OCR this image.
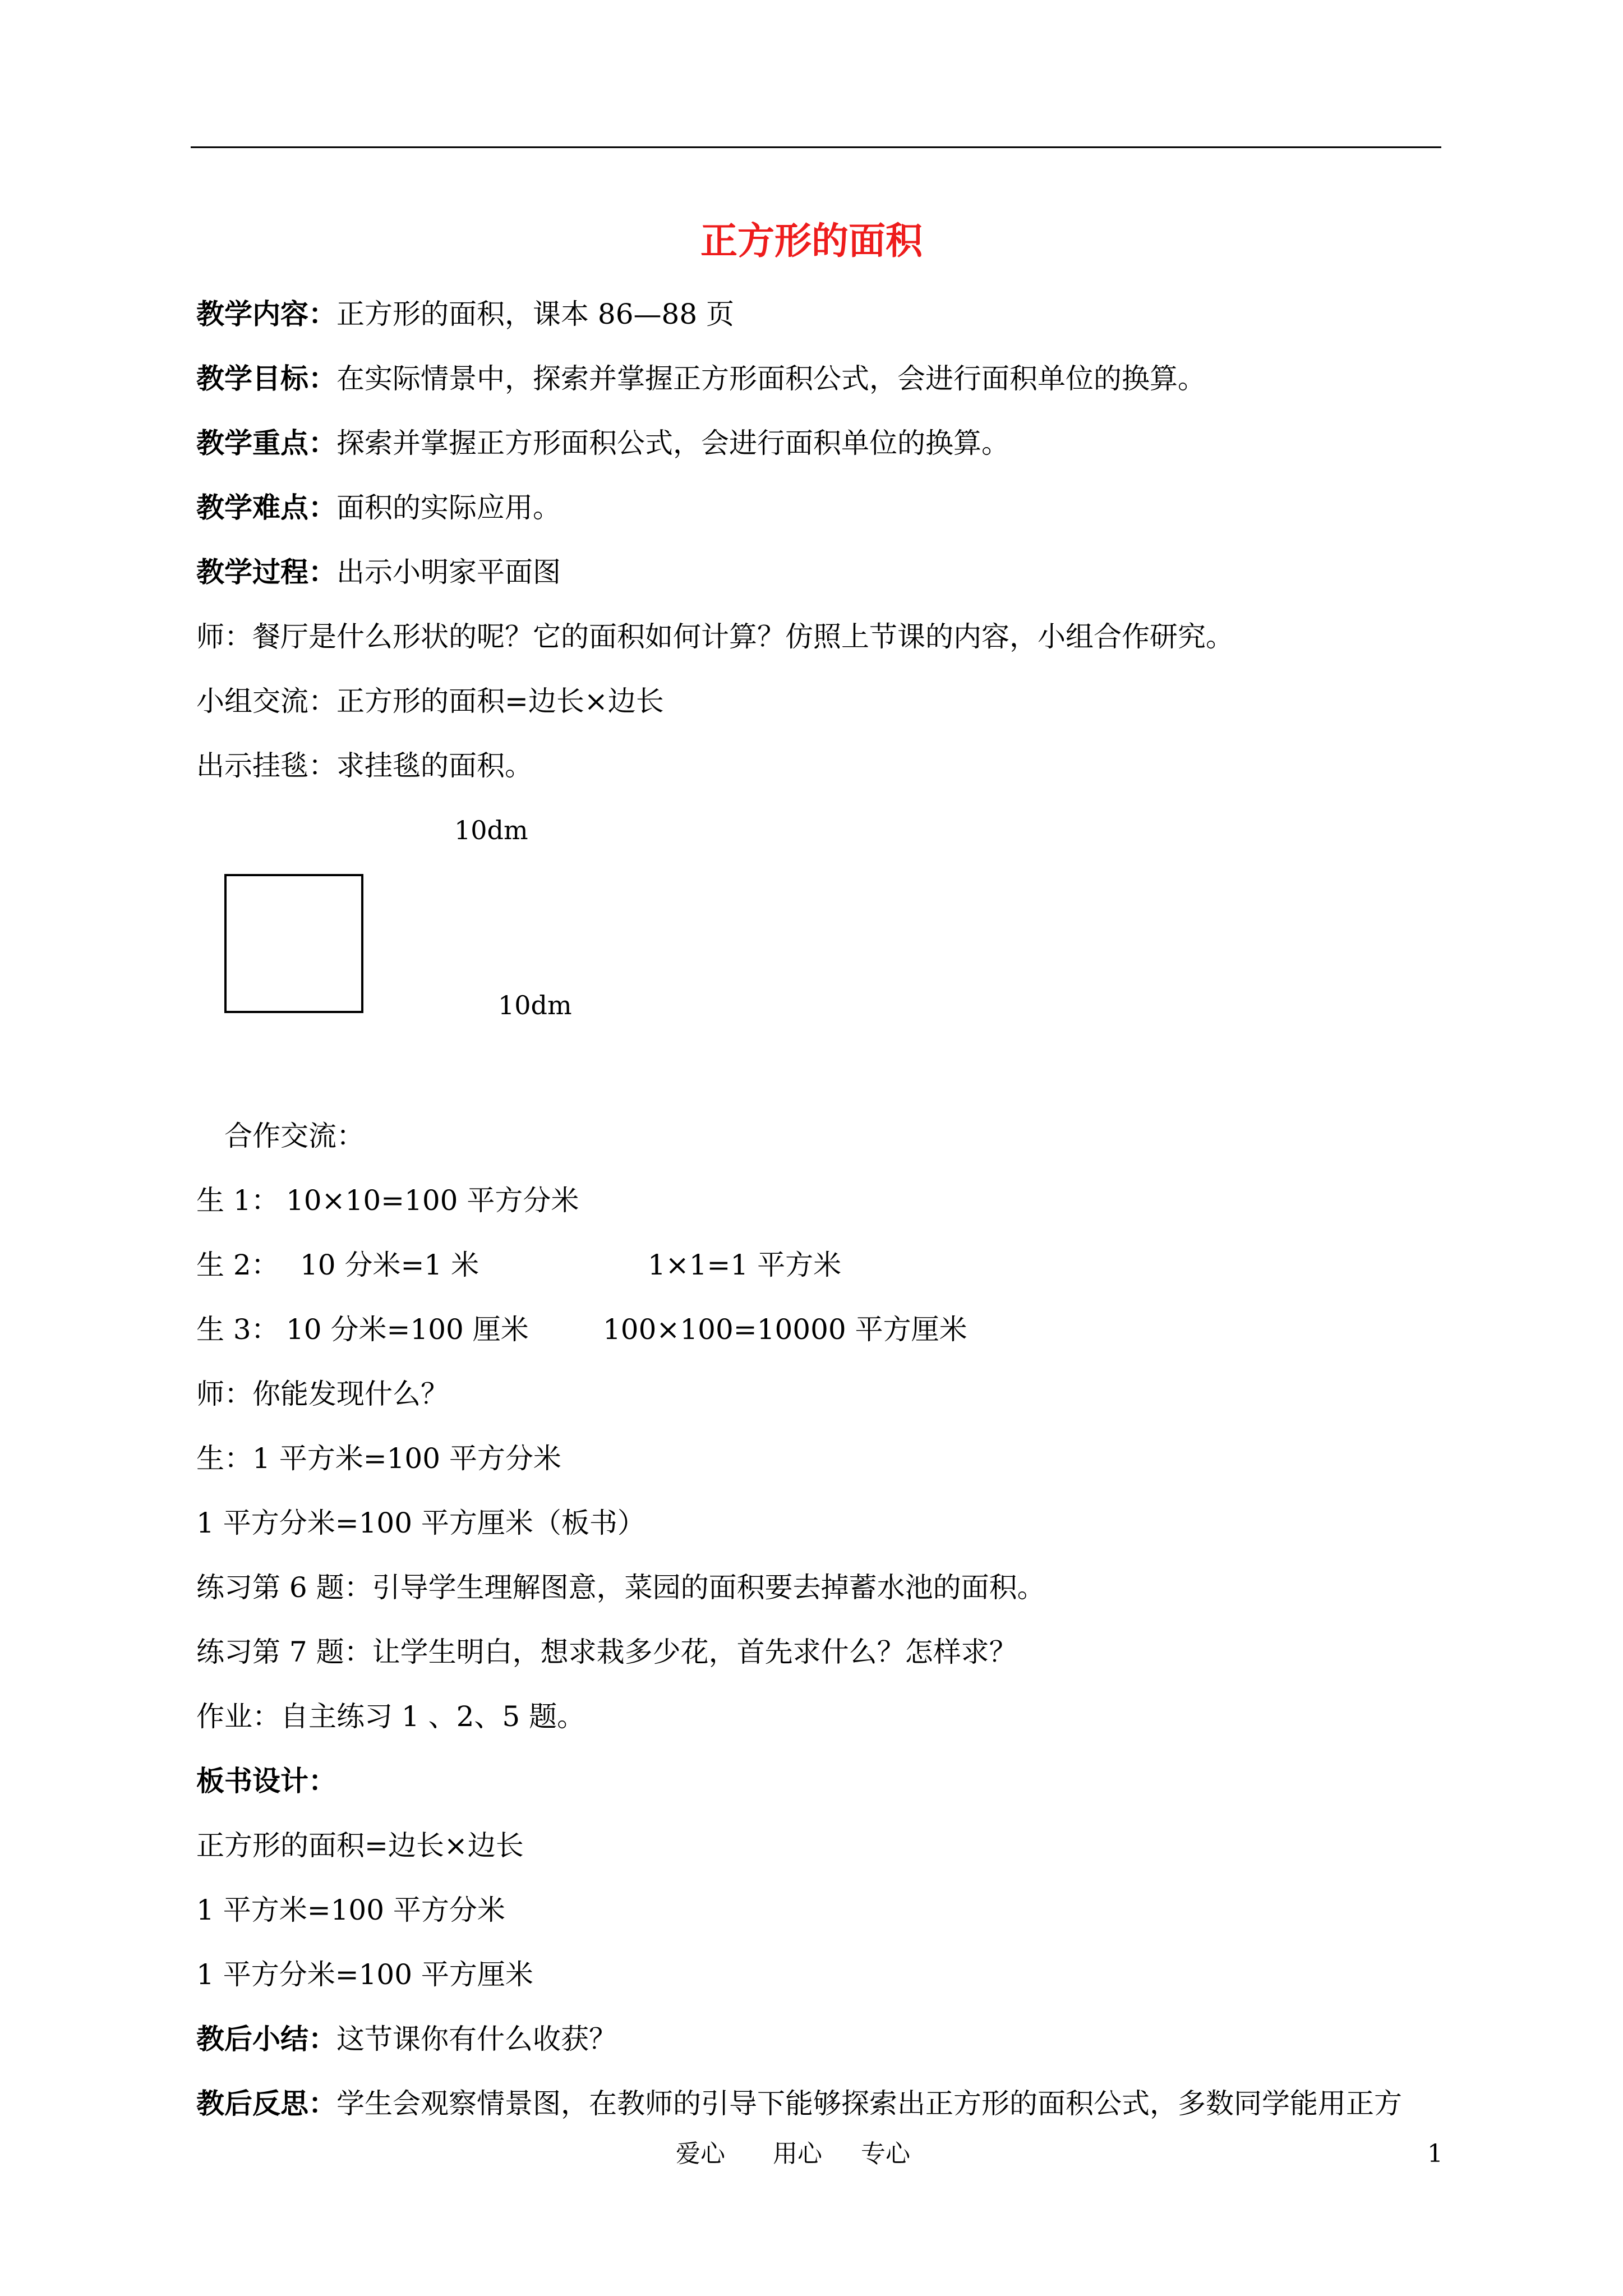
正方形的面积
教学内容：正方形的面积，课本 86—88 页
教学目标：在实际情景中，探索并掌握正方形面积公式，会进行面积单位的换算。
教学重点：探索并掌握正方形面积公式，会进行面积单位的换算。
教学难点：面积的实际应用。
教学过程：出示小明家平面图
师：餐厅是什么形状的呢？它的面积如何计算？仿照上节课的内容，小组合作研究。
小组交流：正方形的面积=边长×边长
出示挂毯：求挂毯的面积。
10dm
10dm
合作交流：
生 1： 10×10=100 平方分米
生 2： 10 分米=1 米	1×1=1 平方米
生 3： 10 分米=100 厘米	100×100=10000 平方厘米
师：你能发现什么？
生：1 平方米=100 平方分米
1 平方分米=100 平方厘米（板书）
练习第 6 题：引导学生理解图意，菜园的面积要去掉蓄水池的面积。
练习第 7 题：让学生明白，想求栽多少花，首先求什么？怎样求？
作业：自主练习 1 、2、5 题。
板书设计：
正方形的面积=边长×边长
1 平方米=100 平方分米
1 平方分米=100 平方厘米
教后小结：这节课你有什么收获？
教后反思：学生会观察情景图，在教师的引导下能够探索出正方形的面积公式，多数同学能用正方
爱心 用心 专心	1
